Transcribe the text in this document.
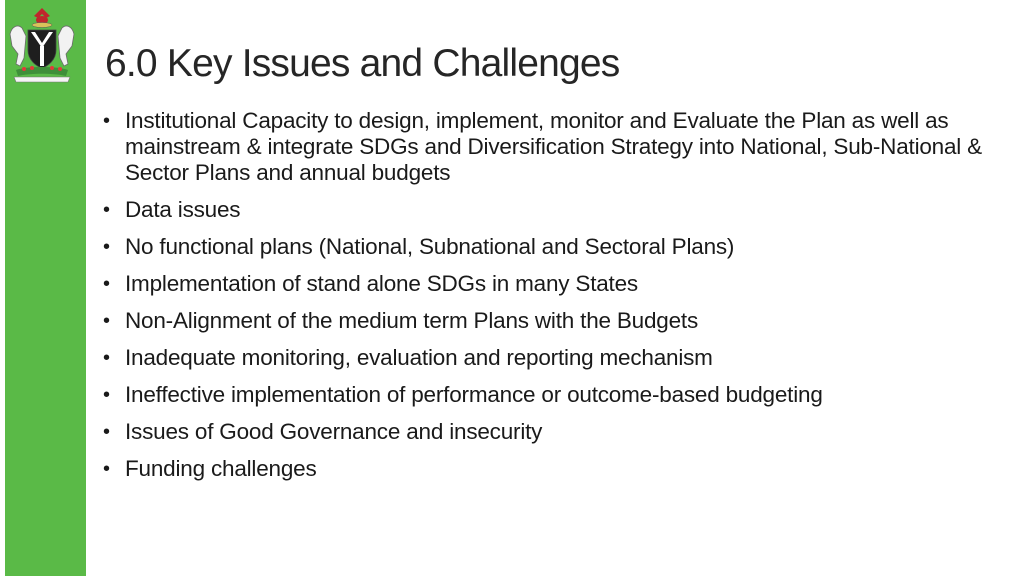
6.0 Key Issues and Challenges
• Institutional Capacity to design, implement, monitor and Evaluate the Plan as well as mainstream & integrate SDGs and Diversification Strategy into National, Sub-National & Sector Plans and annual budgets
• Data issues
• No functional plans (National, Subnational and Sectoral Plans)
• Implementation of stand alone SDGs in many States
• Non-Alignment of the medium term Plans with the Budgets
• Inadequate monitoring, evaluation and reporting mechanism
• Ineffective implementation of performance or outcome-based budgeting
• Issues of Good Governance and insecurity
• Funding challenges
